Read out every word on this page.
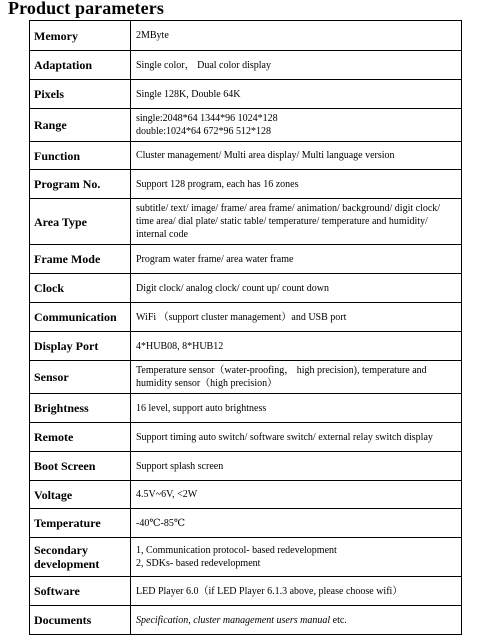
Product parameters
Memory	2MByte
Adaptation	Single color， Dual color display
Pixels	Single 128K, Double 64K
Range	single:2048*64 1344*96 1024*128
double:1024*64 672*96 512*128

Function	Cluster management/ Multi area display/ Multi language version
Program No.	Support 128 program, each has 16 zones
Area Type	subtitle/ text/ image/ frame/ area frame/ animation/ background/ digit clock/ time area/ dial plate/ static table/ temperature/ temperature and humidity/ internal code
Frame Mode	Program water frame/ area water frame
Clock	Digit clock/ analog clock/ count up/ count down
Communication	WiFi （support cluster management）and USB port
Display Port	4*HUB08, 8*HUB12
Sensor	Temperature sensor（water-proofing， high precision), temperature and humidity sensor（high precision）
Brightness	16 level, support auto brightness
Remote	Support timing auto switch/ software switch/ external relay switch display
Boot Screen	Support splash screen
Voltage	4.5V~6V, <2W
Temperature	-40℃-85℃
Secondary development	1, Communication protocol- based redevelopment
2, SDKs- based redevelopment

Software	LED Player 6.0（if LED Player 6.1.3 above, please choose wifi）
Documents	Specification, cluster management users manual etc.
